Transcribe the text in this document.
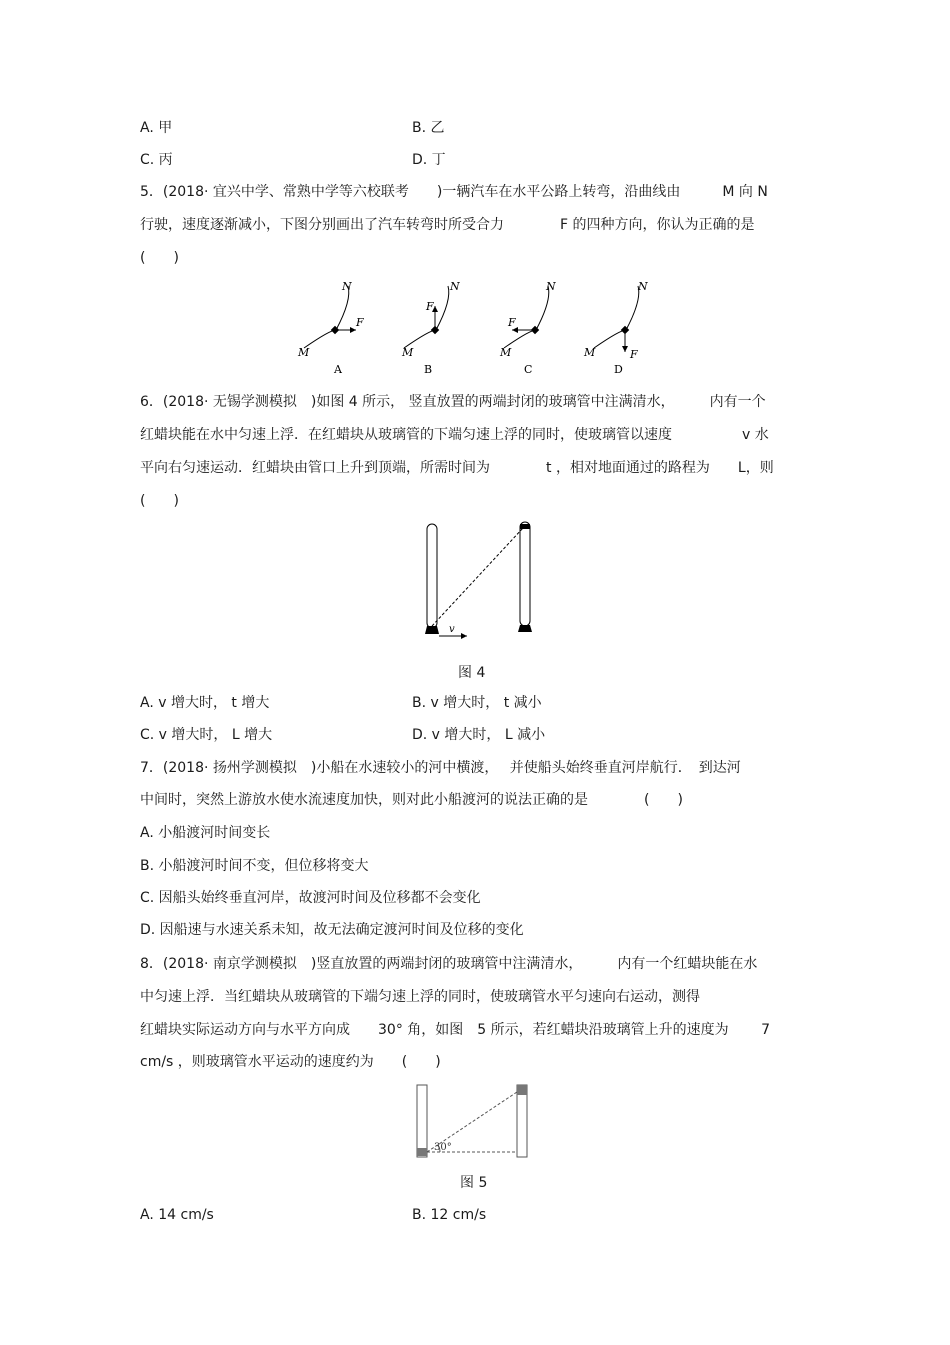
A. 甲	B. 乙
C. 丙	D. 丁
5．(2018· 宜兴中学、常熟中学等六校联考　　)一辆汽车在水平公路上转弯，沿曲线由　　　M 向 N
行驶，速度逐渐减小，下图分别画出了汽车转弯时所受合力　　　　F 的四种方向，你认为正确的是
(　　)
N
M
F
A
N
M
F
B
N
M
F
C
N
M	F
D
6．(2018· 无锡学测模拟　)如图 4 所示， 竖直放置的两端封闭的玻璃管中注满清水，　　　内有一个
红蜡块能在水中匀速上浮．在红蜡块从玻璃管的下端匀速上浮的同时，使玻璃管以速度　　　　　v 水
平向右匀速运动．红蜡块由管口上升到顶端，所需时间为　　　　t ，相对地面通过的路程为　　L，则
(　　)
v
图 4
A. v 增大时， t 增大	B. v 增大时， t 减小
C. v 增大时， L 增大	D. v 增大时， L 减小
7．(2018· 扬州学测模拟　)小船在水速较小的河中横渡，　 并使船头始终垂直河岸航行．　到达河
中间时，突然上游放水使水流速度加快，则对此小船渡河的说法正确的是　　　　(　　)
A. 小船渡河时间变长
B. 小船渡河时间不变，但位移将变大
C. 因船头始终垂直河岸，故渡河时间及位移都不会变化
D. 因船速与水速关系未知，故无法确定渡河时间及位移的变化
8．(2018· 南京学测模拟　)竖直放置的两端封闭的玻璃管中注满清水，　　　内有一个红蜡块能在水
中匀速上浮．当红蜡块从玻璃管的下端匀速上浮的同时，使玻璃管水平匀速向右运动，测得
红蜡块实际运动方向与水平方向成　　30° 角，如图　5 所示，若红蜡块沿玻璃管上升的速度为　　 7
cm/s ，则玻璃管水平运动的速度约为　　(　　)
30°
图 5
A. 14 cm/s	B. 12 cm/s
